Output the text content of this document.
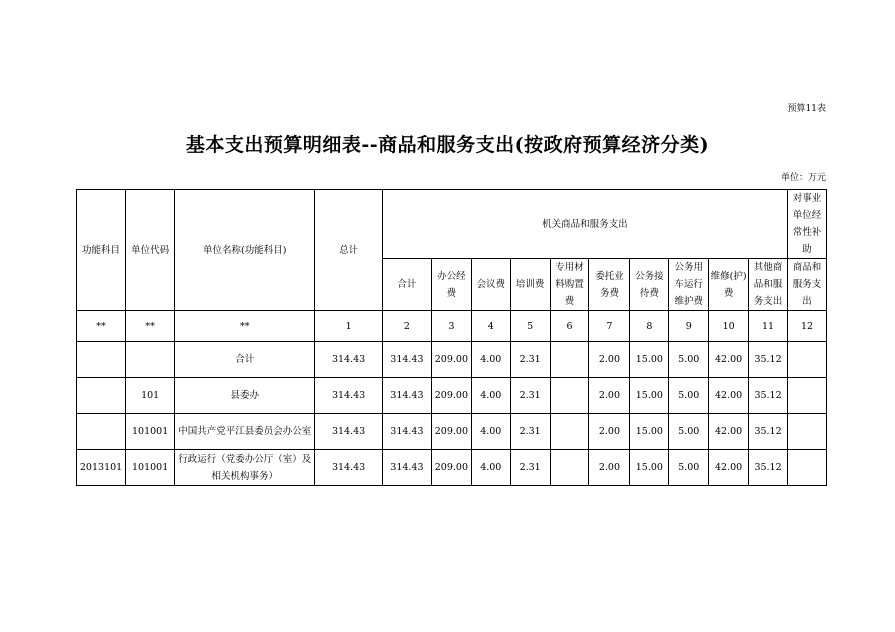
预算11表
基本支出预算明细表--商品和服务支出(按政府预算经济分类)
单位：万元
功能科目	单位代码	单位名称(功能科目)	总计	机关商品和服务支出										对事业单位经常性补助
				合计	办公经费	会议费	培训费	专用材料购置费	委托业务费	公务接待费	公务用车运行维护费	维修(护)费	其他商品和服务支出	商品和服务支出
**	**	**	1	2	3	4	5	6	7	8	9	10	11	12
		合计	314.43	314.43	209.00	4.00	2.31		2.00	15.00	5.00	42.00	35.12	
	101	县委办	314.43	314.43	209.00	4.00	2.31		2.00	15.00	5.00	42.00	35.12	
	101001	中国共产党平江县委员会办公室	314.43	314.43	209.00	4.00	2.31		2.00	15.00	5.00	42.00	35.12	
2013101	101001	行政运行（党委办公厅（室）及相关机构事务）	314.43	314.43	209.00	4.00	2.31		2.00	15.00	5.00	42.00	35.12	
